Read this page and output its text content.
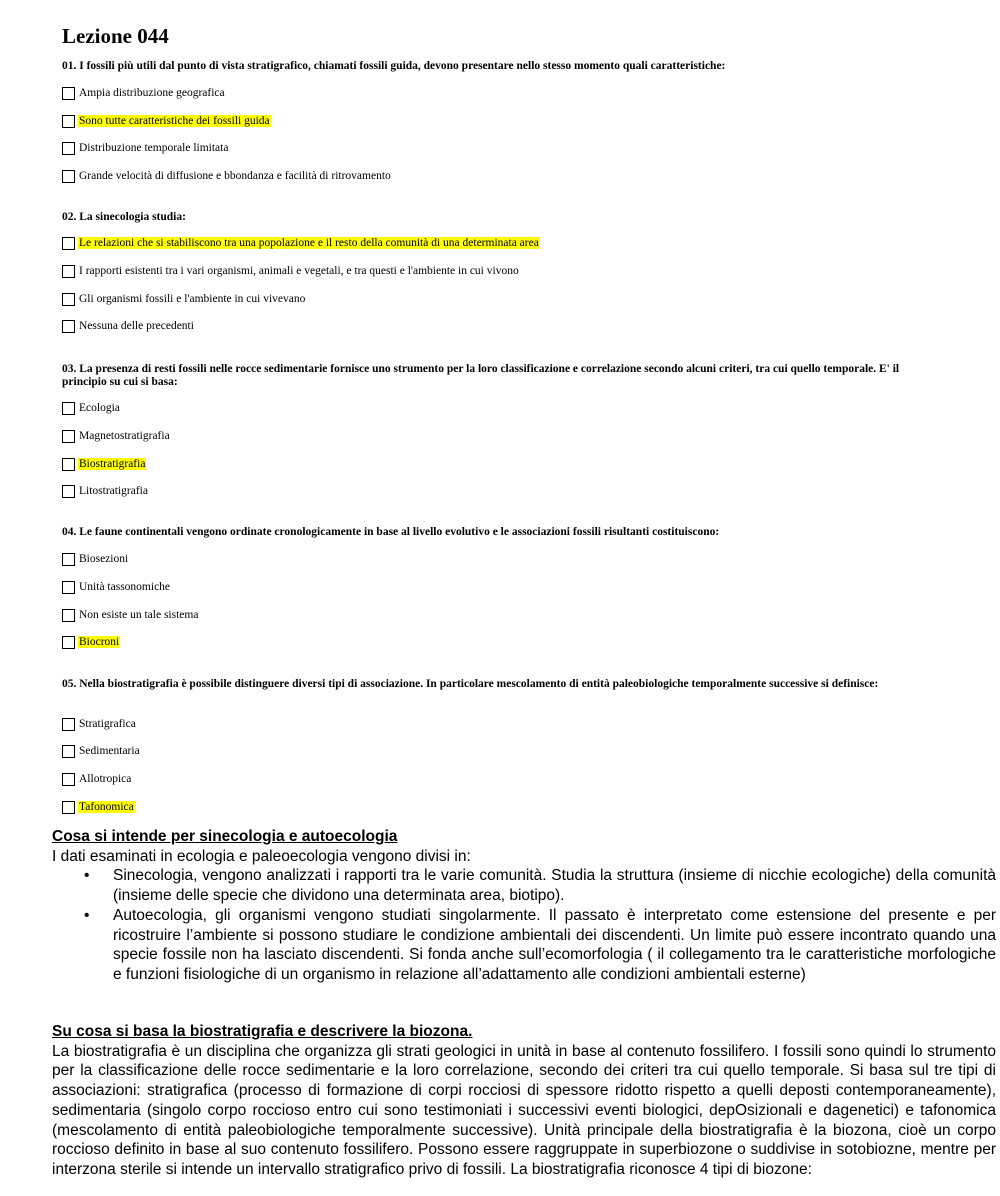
Lezione 044
01. I fossili più utili dal punto di vista stratigrafico, chiamati fossili guida, devono presentare nello stesso momento quali caratteristiche:
Ampia distribuzione geografica
Sono tutte caratteristiche dei fossili guida
Distribuzione temporale limitata
Grande velocità di diffusione e bbondanza e facilità di ritrovamento
02. La sinecologia studia:
Le relazioni che si stabiliscono tra una popolazione e il resto della comunità di una determinata area
I rapporti esistenti tra i vari organismi, animali e vegetali, e tra questi e l'ambiente in cui vivono
Gli organismi fossili e l'ambiente in cui vivevano
Nessuna delle precedenti
03. La presenza di resti fossili nelle rocce sedimentarie fornisce uno strumento per la loro classificazione e correlazione secondo alcuni criteri, tra cui quello temporale. E' il principio su cui si basa:
Ecologia
Magnetostratigrafia
Biostratigrafia
Litostratigrafia
04. Le faune continentali vengono ordinate cronologicamente in base al livello evolutivo e le associazioni fossili risultanti costituiscono:
Biosezioni
Unità tassonomiche
Non esiste un tale sistema
Biocroni
05. Nella biostratigrafia è possibile distinguere diversi tipi di associazione. In particolare mescolamento di entità paleobiologiche temporalmente successive si definisce:
Stratigrafica
Sedimentaria
Allotropica
Tafonomica
Cosa si intende per sinecologia e autoecologia
I dati esaminati in ecologia e paleoecologia vengono divisi in:
• Sinecologia, vengono analizzati i rapporti tra le varie comunità. Studia la struttura (insieme di nicchie ecologiche) della comunità (insieme delle specie che dividono una determinata area, biotipo).
• Autoecologia, gli organismi vengono studiati singolarmente. Il passato è interpretato come estensione del presente e per ricostruire l’ambiente si possono studiare le condizione ambientali dei discendenti. Un limite può essere incontrato quando una specie fossile non ha lasciato discendenti. Si fonda anche sull’ecomorfologia ( il collegamento tra le caratteristiche morfologiche e funzioni fisiologiche di un organismo in relazione all’adattamento alle condizioni ambientali esterne)
Su cosa si basa la biostratigrafia e descrivere la biozona.
La biostratigrafia è un disciplina che organizza gli strati geologici in unità in base al contenuto fossilifero. I fossili sono quindi lo strumento per la classificazione delle rocce sedimentarie e la loro correlazione, secondo dei criteri tra cui quello temporale. Si basa sul tre tipi di associazioni: stratigrafica (processo di formazione di corpi rocciosi di spessore ridotto rispetto a quelli deposti contemporaneamente), sedimentaria (singolo corpo roccioso entro cui sono testimoniati i successivi eventi biologici, depOsizionali e dagenetici) e tafonomica (mescolamento di entità paleobiologiche temporalmente successive). Unità principale della biostratigrafia è la biozona, cioè un corpo roccioso definito in base al suo contenuto fossilifero. Possono essere raggruppate in superbiozone o suddivise in sotobiozne, mentre per interzona sterile si intende un intervallo stratigrafico privo di fossili. La biostratigrafia riconosce 4 tipi di biozone:
